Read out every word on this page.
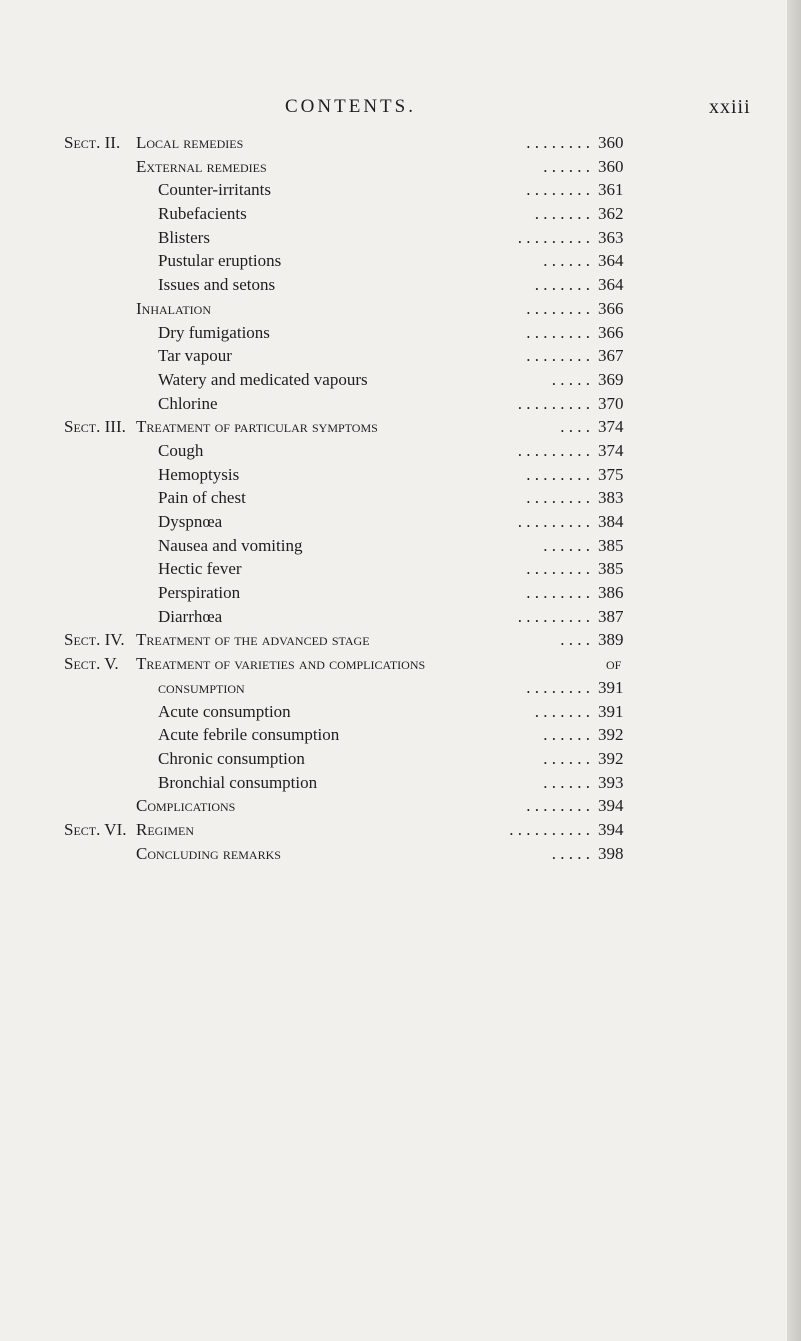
CONTENTS.	xxiii
Sect. II. Local remedies	. . . . . . . . 360
External remedies	. . . . . . 360
Counter-irritants	. . . . . . . . 361
Rubefacients	. . . . . . . 362
Blisters	. . . . . . . . . 363
Pustular eruptions	. . . . . . 364
Issues and setons	. . . . . . . 364
Inhalation	. . . . . . . . 366
Dry fumigations	. . . . . . . . 366
Tar vapour	. . . . . . . . 367
Watery and medicated vapours	. . . . . 369
Chlorine	. . . . . . . . . 370
Sect. III. Treatment of particular symptoms	. . . . 374
Cough	. . . . . . . . . 374
Hemoptysis	. . . . . . . . 375
Pain of chest	. . . . . . . . 383
Dyspnœa	. . . . . . . . . 384
Nausea and vomiting	. . . . . . 385
Hectic fever	. . . . . . . . 385
Perspiration	. . . . . . . . 386
Diarrhœa	. . . . . . . . . 387
Sect. IV. Treatment of the advanced stage	. . . . 389
Sect. V. Treatment of varieties and complications	of
consumption	. . . . . . . . 391
Acute consumption	. . . . . . . 391
Acute febrile consumption	. . . . . . 392
Chronic consumption	. . . . . . 392
Bronchial consumption	. . . . . . 393
Complications	. . . . . . . . 394
Sect. VI. Regimen	. . . . . . . . . . 394
Concluding remarks	. . . . . 398
